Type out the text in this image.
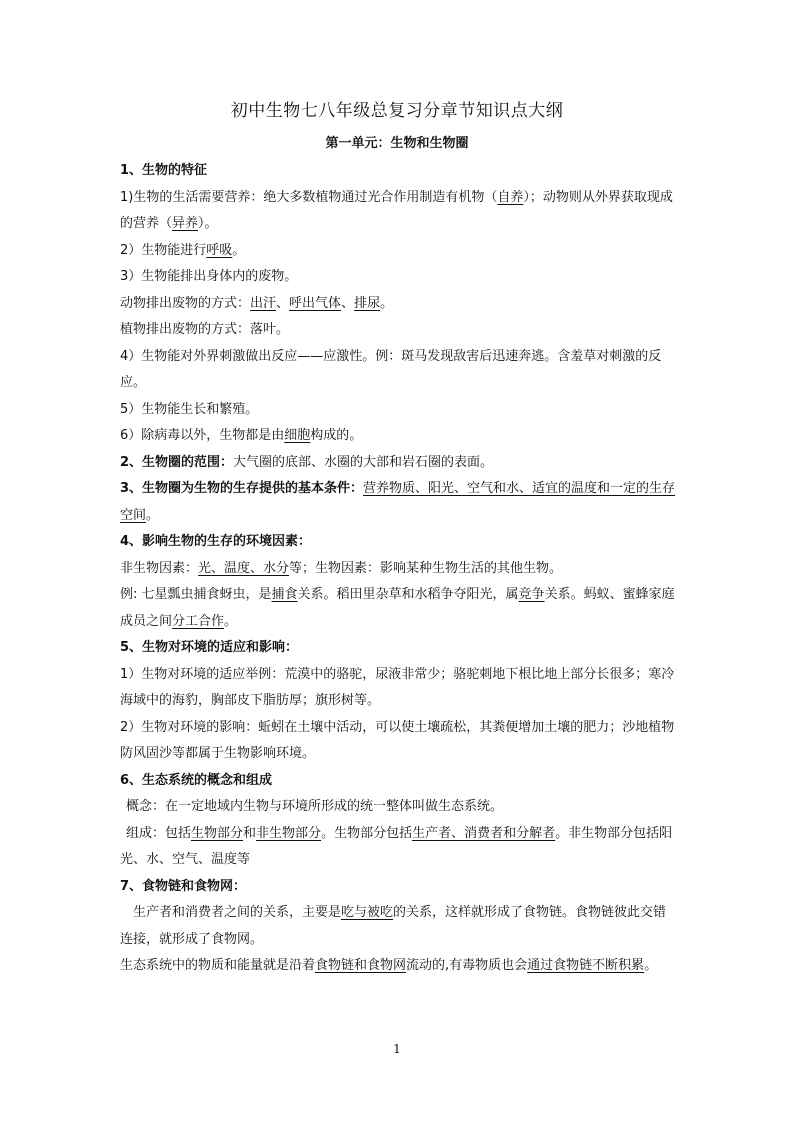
初中生物七八年级总复习分章节知识点大纲
第一单元：生物和生物圈

1、生物的特征

1)生物的生活需要营养：绝大多数植物通过光合作用制造有机物（自养）；动物则从外界获取现成的营养（异养）。

2）生物能进行呼吸。

3）生物能排出身体内的废物。

动物排出废物的方式：出汗、呼出气体、排尿。

植物排出废物的方式：落叶。

4）生物能对外界刺激做出反应——应激性。例：斑马发现敌害后迅速奔逃。含羞草对刺激的反应。

5）生物能生长和繁殖。

6）除病毒以外，生物都是由细胞构成的。

2、生物圈的范围：大气圈的底部、水圈的大部和岩石圈的表面。

3、生物圈为生物的生存提供的基本条件：营养物质、阳光、空气和水、适宜的温度和一定的生存空间。

4、影响生物的生存的环境因素：

非生物因素：光、温度、水分等；生物因素：影响某种生物生活的其他生物。

例: 七星瓢虫捕食蚜虫，是捕食关系。稻田里杂草和水稻争夺阳光，属竞争关系。蚂蚁、蜜蜂家庭成员之间分工合作。

5、生物对环境的适应和影响：

1）生物对环境的适应举例：荒漠中的骆驼，尿液非常少；骆驼刺地下根比地上部分长很多；寒冷海域中的海豹，胸部皮下脂肪厚；旗形树等。

2）生物对环境的影响：蚯蚓在土壤中活动，可以使土壤疏松，其粪便增加土壤的肥力；沙地植物防风固沙等都属于生物影响环境。

6、生态系统的概念和组成

概念：在一定地域内生物与环境所形成的统一整体叫做生态系统。

组成：包括生物部分和非生物部分。生物部分包括生产者、消费者和分解者。非生物部分包括阳光、水、空气、温度等

7、食物链和食物网：

生产者和消费者之间的关系，主要是吃与被吃的关系，这样就形成了食物链。食物链彼此交错连接，就形成了食物网。

生态系统中的物质和能量就是沿着食物链和食物网流动的,有毒物质也会通过食物链不断积累。

1
